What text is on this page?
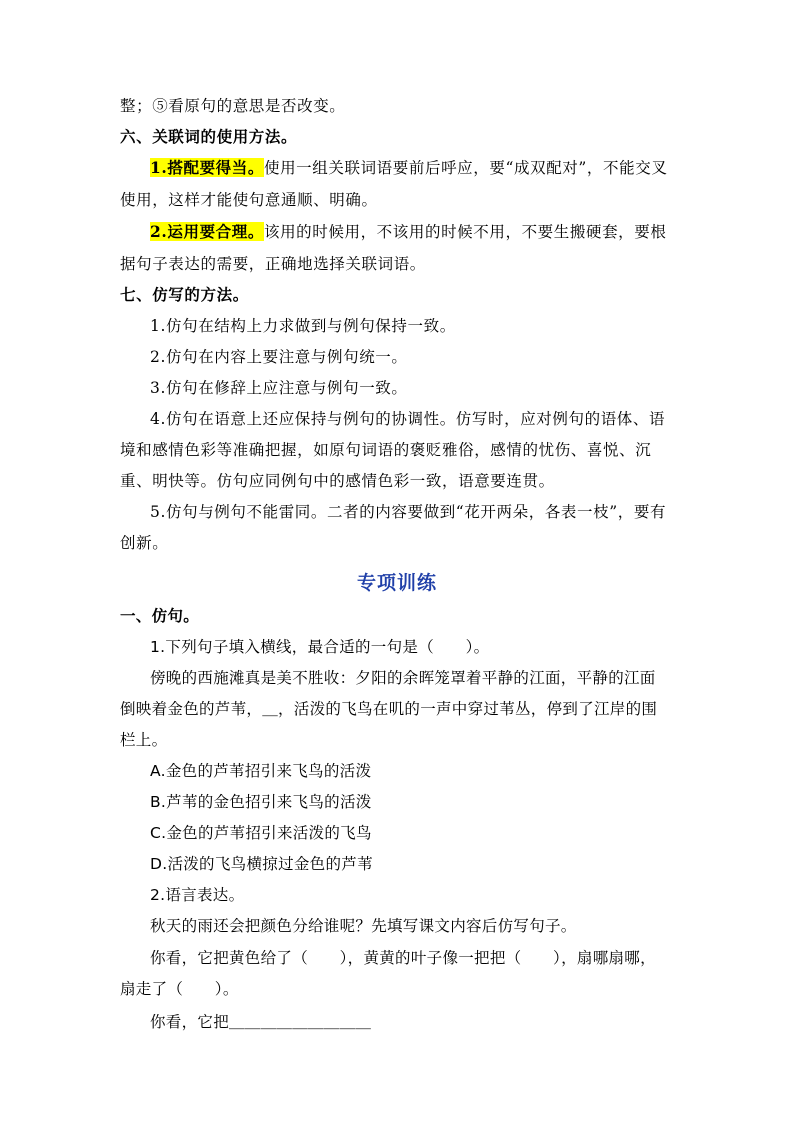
整；⑤看原句的意思是否改变。
六、关联词的使用方法。
1.搭配要得当。使用一组关联词语要前后呼应，要“成双配对”，不能交叉
使用，这样才能使句意通顺、明确。
2.运用要合理。该用的时候用，不该用的时候不用，不要生搬硬套，要根
据句子表达的需要，正确地选择关联词语。
七、仿写的方法。
1.仿句在结构上力求做到与例句保持一致。
2.仿句在内容上要注意与例句统一。
3.仿句在修辞上应注意与例句一致。
4.仿句在语意上还应保持与例句的协调性。仿写时，应对例句的语体、语
境和感情色彩等准确把握，如原句词语的褒贬雅俗，感情的忧伤、喜悦、沉
重、明快等。仿句应同例句中的感情色彩一致，语意要连贯。
5.仿句与例句不能雷同。二者的内容要做到“花开两朵，各表一枝”，要有
创新。
专项训练
一、仿句。
1.下列句子填入横线，最合适的一句是（　　）。
傍晚的西施滩真是美不胜收：夕阳的余晖笼罩着平静的江面，平静的江面
倒映着金色的芦苇，＿，活泼的飞鸟在叽的一声中穿过苇丛，停到了江岸的围
栏上。
A.金色的芦苇招引来飞鸟的活泼
B.芦苇的金色招引来飞鸟的活泼
C.金色的芦苇招引来活泼的飞鸟
D.活泼的飞鸟横掠过金色的芦苇
2.语言表达。
秋天的雨还会把颜色分给谁呢？先填写课文内容后仿写句子。
你看，它把黄色给了（　　），黄黄的叶子像一把把（　　），扇哪扇哪，
扇走了（　　）。
你看，它把＿＿＿＿＿＿＿＿＿
